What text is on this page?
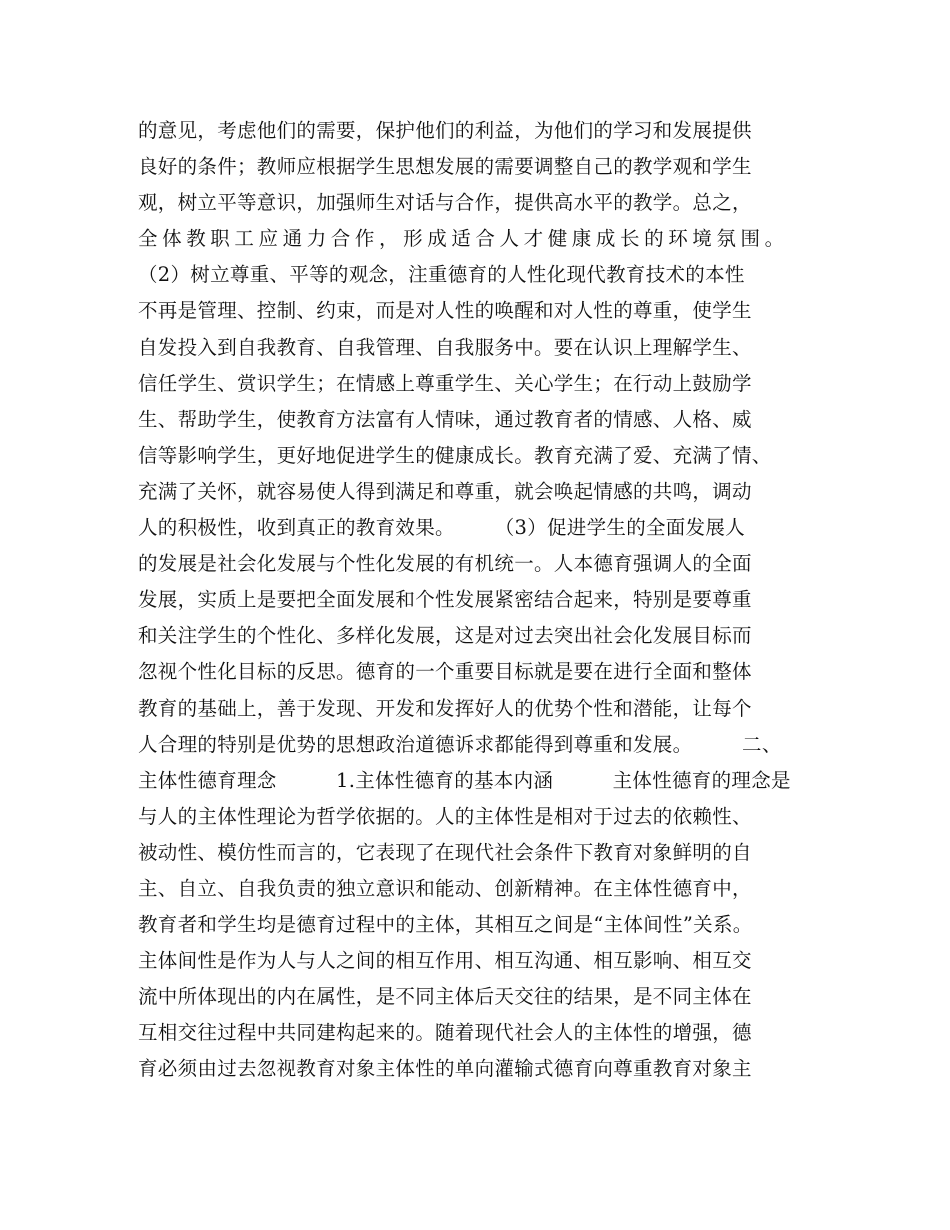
的意见，考虑他们的需要，保护他们的利益，为他们的学习和发展提供
良好的条件；教师应根据学生思想发展的需要调整自己的教学观和学生
观，树立平等意识，加强师生对话与合作，提供高水平的教学。总之，
全体教职工应通力合作，形成适合人才健康成长的环境氛围。
（2）树立尊重、平等的观念，注重德育的人性化现代教育技术的本性
不再是管理、控制、约束，而是对人性的唤醒和对人性的尊重，使学生
自发投入到自我教育、自我管理、自我服务中。要在认识上理解学生、
信任学生、赏识学生；在情感上尊重学生、关心学生；在行动上鼓励学
生、帮助学生，使教育方法富有人情味，通过教育者的情感、人格、威
信等影响学生，更好地促进学生的健康成长。教育充满了爱、充满了情、
充满了关怀，就容易使人得到满足和尊重，就会唤起情感的共鸣，调动
人的积极性，收到真正的教育效果。　　　（3）促进学生的全面发展人
的发展是社会化发展与个性化发展的有机统一。人本德育强调人的全面
发展，实质上是要把全面发展和个性发展紧密结合起来，特别是要尊重
和关注学生的个性化、多样化发展，这是对过去突出社会化发展目标而
忽视个性化目标的反思。德育的一个重要目标就是要在进行全面和整体
教育的基础上，善于发现、开发和发挥好人的优势个性和潜能，让每个
人合理的特别是优势的思想政治道德诉求都能得到尊重和发展。　　　二、
主体性德育理念　　　1.主体性德育的基本内涵　　　主体性德育的理念是
与人的主体性理论为哲学依据的。人的主体性是相对于过去的依赖性、
被动性、模仿性而言的，它表现了在现代社会条件下教育对象鲜明的自
主、自立、自我负责的独立意识和能动、创新精神。在主体性德育中，
教育者和学生均是德育过程中的主体，其相互之间是“主体间性”关系。
主体间性是作为人与人之间的相互作用、相互沟通、相互影响、相互交
流中所体现出的内在属性，是不同主体后天交往的结果，是不同主体在
互相交往过程中共同建构起来的。随着现代社会人的主体性的增强，德
育必须由过去忽视教育对象主体性的单向灌输式德育向尊重教育对象主
